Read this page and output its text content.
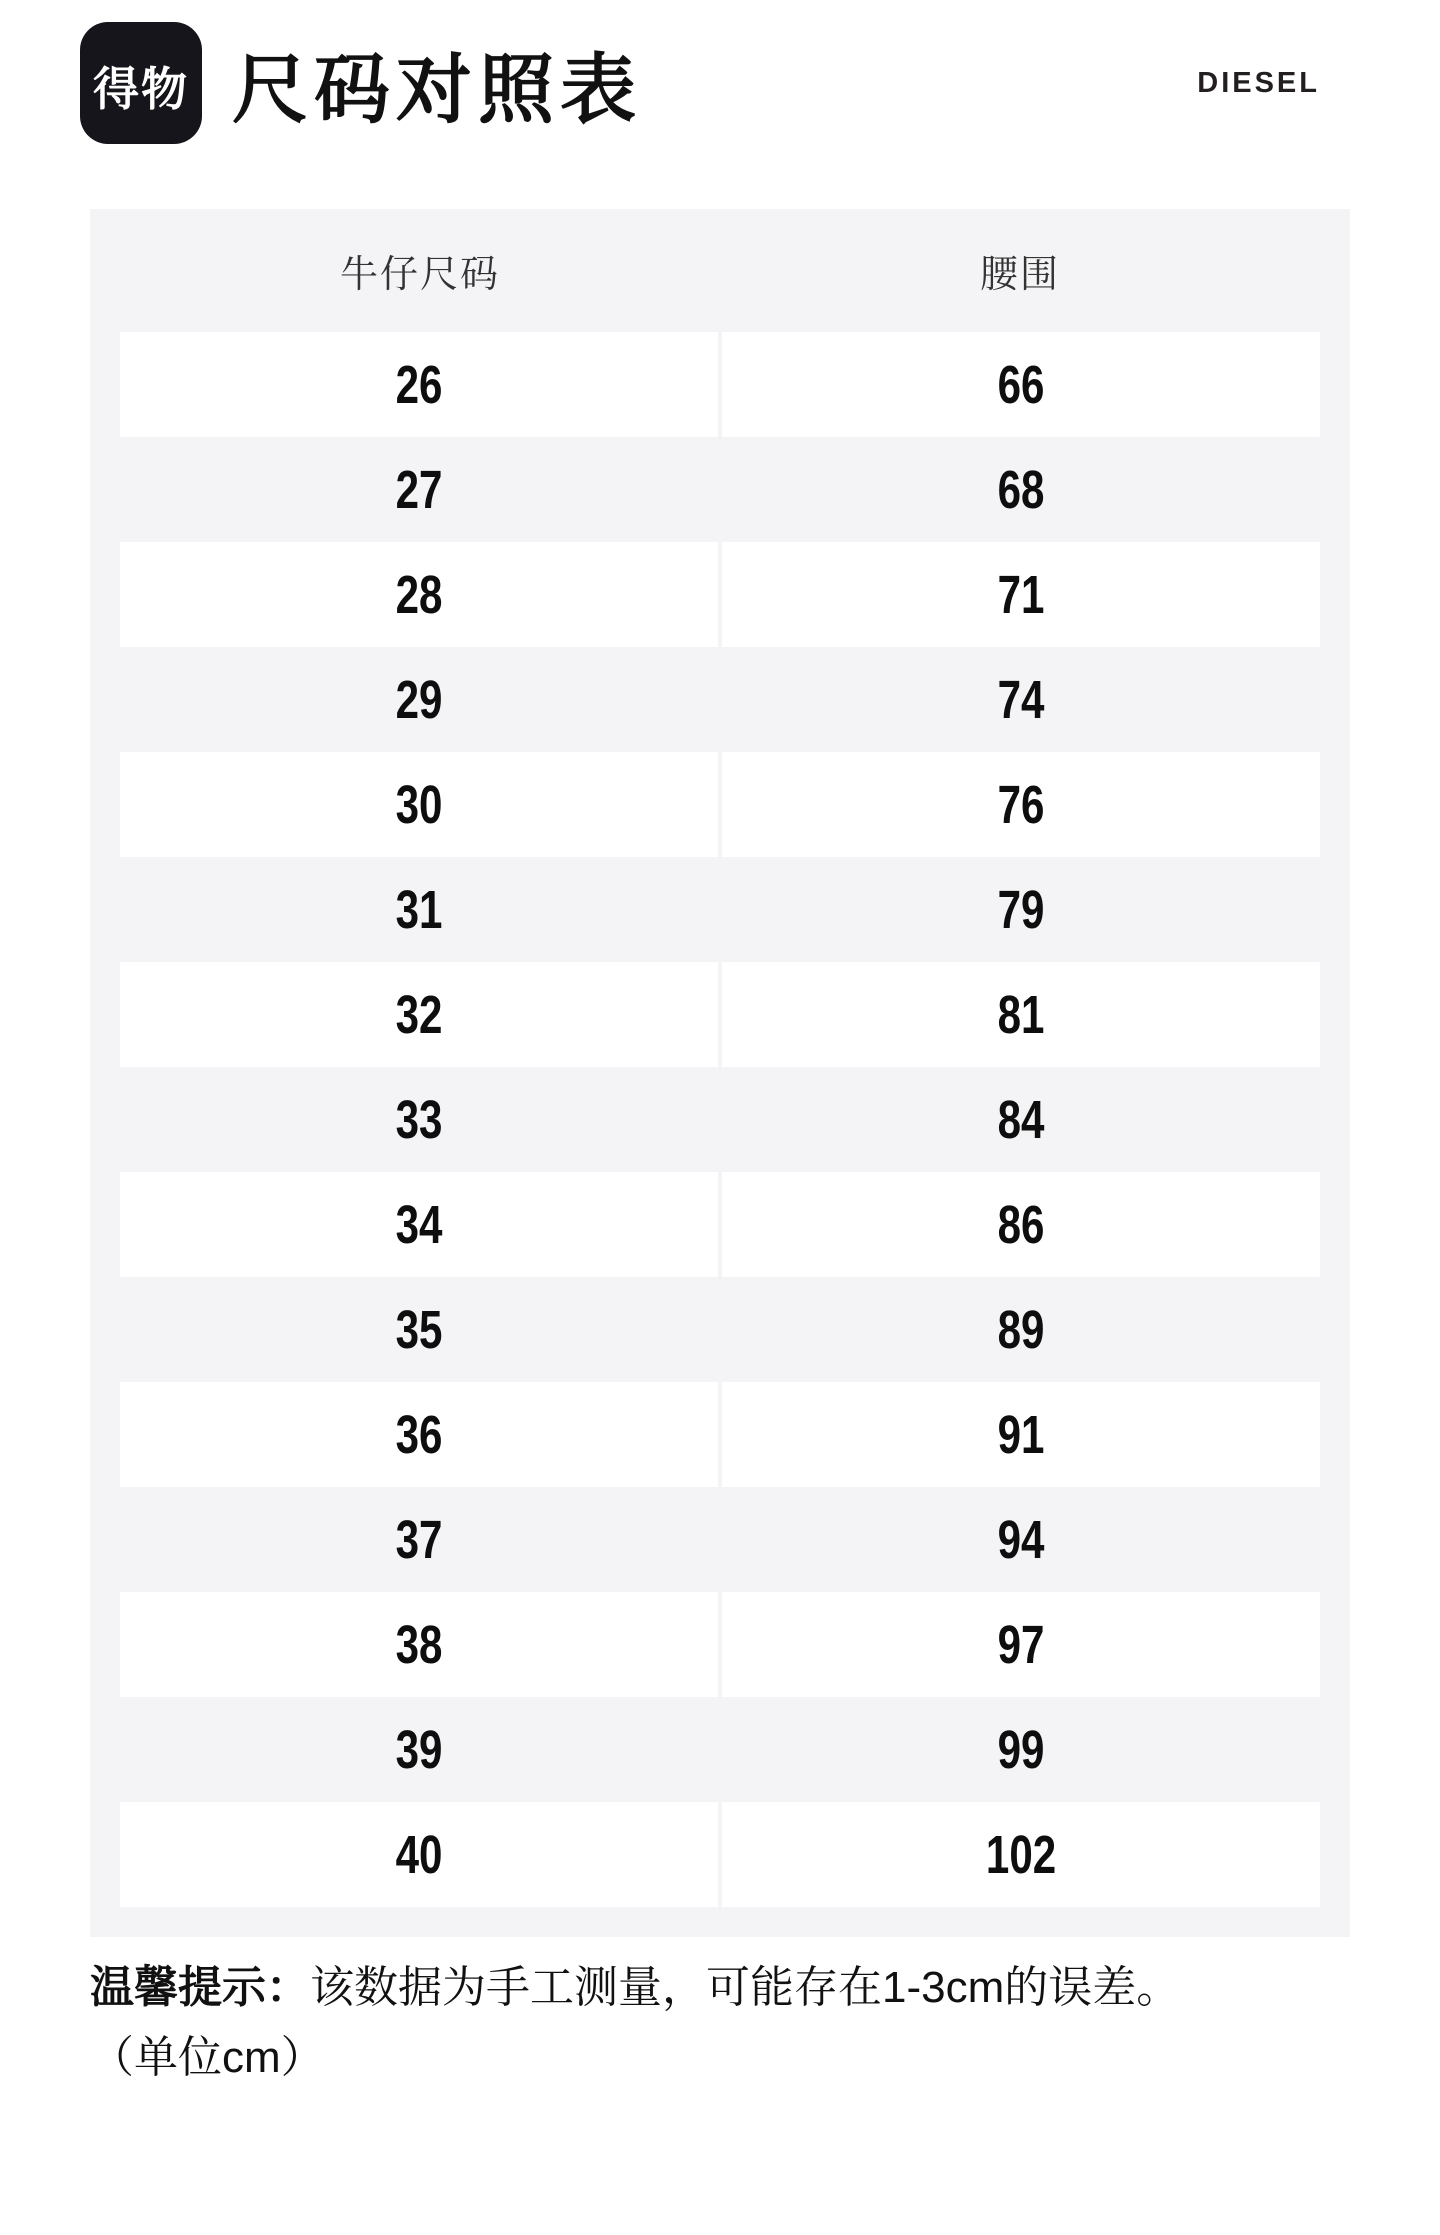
得物 尺码对照表	DIESEL
牛仔尺码	腰围
26	66
27	68
28	71
29	74
30	76
31	79
32	81
33	84
34	86
35	89
36	91
37	94
38	97
39	99
40	102
温馨提示：该数据为手工测量，可能存在1-3cm的误差。
（单位cm）
